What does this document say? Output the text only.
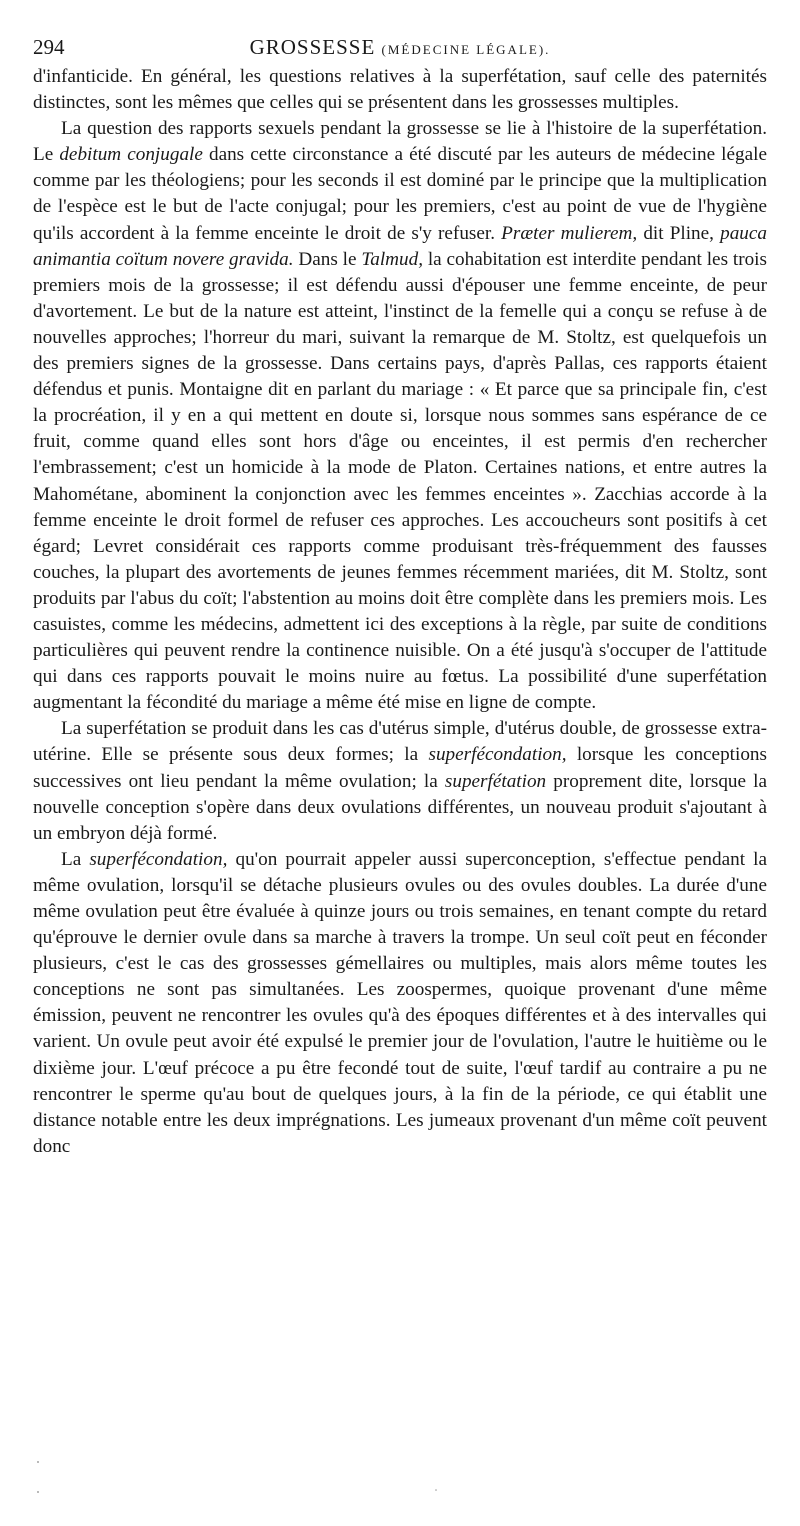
294	GROSSESSE (MÉDECINE LÉGALE).

d'infanticide. En général, les questions relatives à la superfétation, sauf celle des paternités distinctes, sont les mêmes que celles qui se présentent dans les grossesses multiples.

La question des rapports sexuels pendant la grossesse se lie à l'histoire de la superfétation. Le debitum conjugale dans cette circonstance a été discuté par les auteurs de médecine légale comme par les théologiens; pour les seconds il est dominé par le principe que la multiplication de l'espèce est le but de l'acte conjugal; pour les premiers, c'est au point de vue de l'hygiène qu'ils accordent à la femme enceinte le droit de s'y refuser. Præter mulierem, dit Pline, pauca animantia coïtum novere gravida. Dans le Talmud, la cohabitation est interdite pendant les trois premiers mois de la grossesse; il est défendu aussi d'épouser une femme enceinte, de peur d'avortement. Le but de la nature est atteint, l'instinct de la femelle qui a conçu se refuse à de nouvelles approches; l'horreur du mari, suivant la remarque de M. Stoltz, est quelquefois un des premiers signes de la grossesse. Dans certains pays, d'après Pallas, ces rapports étaient défendus et punis. Montaigne dit en parlant du mariage : « Et parce que sa principale fin, c'est la procréation, il y en a qui mettent en doute si, lorsque nous sommes sans espérance de ce fruit, comme quand elles sont hors d'âge ou enceintes, il est permis d'en rechercher l'embrassement; c'est un homicide à la mode de Platon. Certaines nations, et entre autres la Mahométane, abominent la conjonction avec les femmes enceintes ». Zacchias accorde à la femme enceinte le droit formel de refuser ces approches. Les accoucheurs sont positifs à cet égard; Levret considérait ces rapports comme produisant très-fréquemment des fausses couches, la plupart des avortements de jeunes femmes récemment mariées, dit M. Stoltz, sont produits par l'abus du coït; l'abstention au moins doit être complète dans les premiers mois. Les casuistes, comme les médecins, admettent ici des exceptions à la règle, par suite de conditions particulières qui peuvent rendre la continence nuisible. On a été jusqu'à s'occuper de l'attitude qui dans ces rapports pouvait le moins nuire au fœtus. La possibilité d'une superfétation augmentant la fécondité du mariage a même été mise en ligne de compte.

La superfétation se produit dans les cas d'utérus simple, d'utérus double, de grossesse extra-utérine. Elle se présente sous deux formes; la superfécondation, lorsque les conceptions successives ont lieu pendant la même ovulation; la superfétation proprement dite, lorsque la nouvelle conception s'opère dans deux ovulations différentes, un nouveau produit s'ajoutant à un embryon déjà formé.

La superfécondation, qu'on pourrait appeler aussi superconception, s'effectue pendant la même ovulation, lorsqu'il se détache plusieurs ovules ou des ovules doubles. La durée d'une même ovulation peut être évaluée à quinze jours ou trois semaines, en tenant compte du retard qu'éprouve le dernier ovule dans sa marche à travers la trompe. Un seul coït peut en féconder plusieurs, c'est le cas des grossesses gémellaires ou multiples, mais alors même toutes les conceptions ne sont pas simultanées. Les zoospermes, quoique provenant d'une même émission, peuvent ne rencontrer les ovules qu'à des époques différentes et à des intervalles qui varient. Un ovule peut avoir été expulsé le premier jour de l'ovulation, l'autre le huitième ou le dixième jour. L'œuf précoce a pu être fecondé tout de suite, l'œuf tardif au contraire a pu ne rencontrer le sperme qu'au bout de quelques jours, à la fin de la période, ce qui établit une distance notable entre les deux imprégnations. Les jumeaux provenant d'un même coït peuvent donc
